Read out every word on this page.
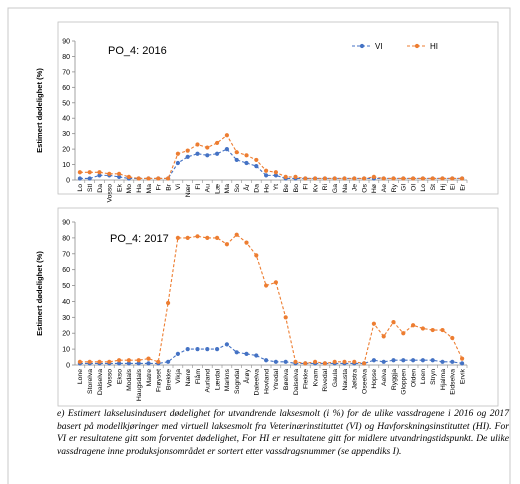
0
10
20
30
40
50
60
70
80
90
Estimert dødelighet (%)
Lo Stl Da Vosso Ek Mo Ha Ma Fr Br Vi Nær Fl Au Læ Ma So År Da Ho Yt Be Bo Fl Kv Ri Ga Na Je Os Hø Ae Ry Gl Ol Lo St Hj Ei Er
PO_4: 2016	VI	HI
0
10
20
30
40
50
60
70
80
90
Estimert dødelighet (%)
Lone Storelva Dalselva Vosso Ekso Modals Haugsdals Matre Frøyset Brekke Vikja Nærø Flåm Aurland Lærdal Markns Sogndal Årøy Daleelva Hovland Ytredal Bøelva Dalselva Flekke Kvam Rivedal Gaula Nausta Jølstra Oseelva Hopse Aelva Ryggja Gloppen Olden Loen Stryn Hjalma Eidselva Ervik
PO_4: 2017
e) Estimert lakselusindusert dødelighet for utvandrende laksesmolt (i %) for de ulike vassdragene i 2016 og 2017 basert på modellkjøringer med virtuell laksesmolt fra Veterinærinstituttet (VI) og Havforskningsinstituttet (HI). For VI er resultatene gitt som forventet dødelighet, For HI er resultatene gitt for midlere utvandringstidspunkt. De ulike vassdragene inne produksjonsområdet er sortert etter vassdragsnummer (se appendiks I).
